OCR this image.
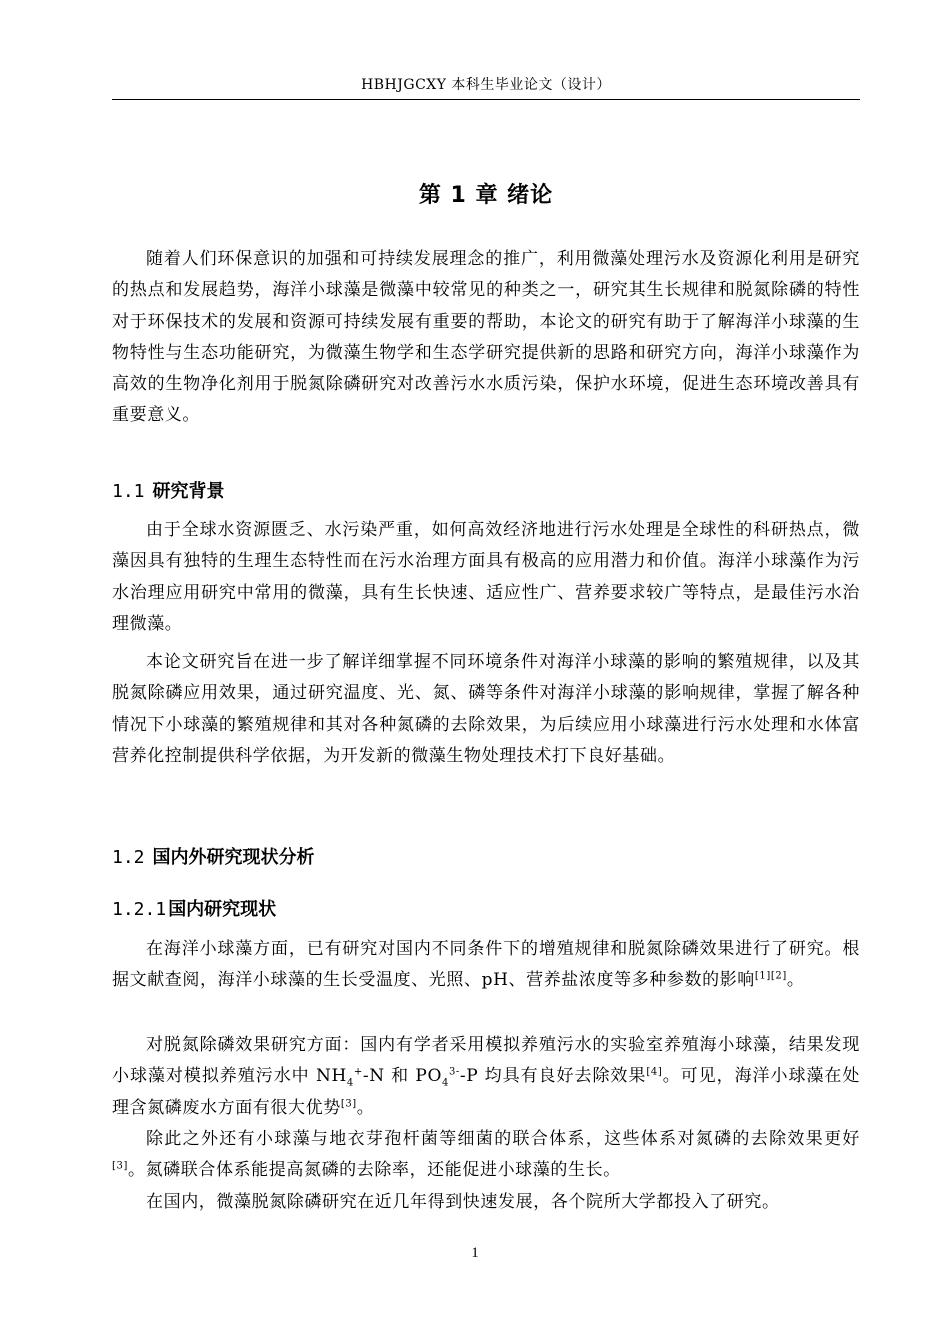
HBHJGCXY 本科生毕业论文（设计）
第 1 章 绪论

随着人们环保意识的加强和可持续发展理念的推广，利用微藻处理污水及资源化利用是研究的热点和发展趋势，海洋小球藻是微藻中较常见的种类之一，研究其生长规律和脱氮除磷的特性对于环保技术的发展和资源可持续发展有重要的帮助，本论文的研究有助于了解海洋小球藻的生物特性与生态功能研究，为微藻生物学和生态学研究提供新的思路和研究方向，海洋小球藻作为高效的生物净化剂用于脱氮除磷研究对改善污水水质污染，保护水环境，促进生态环境改善具有重要意义。

1.1 研究背景

由于全球水资源匮乏、水污染严重，如何高效经济地进行污水处理是全球性的科研热点，微藻因具有独特的生理生态特性而在污水治理方面具有极高的应用潜力和价值。海洋小球藻作为污水治理应用研究中常用的微藻，具有生长快速、适应性广、营养要求较广等特点，是最佳污水治理微藻。

本论文研究旨在进一步了解详细掌握不同环境条件对海洋小球藻的影响的繁殖规律，以及其脱氮除磷应用效果，通过研究温度、光、氮、磷等条件对海洋小球藻的影响规律，掌握了解各种情况下小球藻的繁殖规律和其对各种氮磷的去除效果，为后续应用小球藻进行污水处理和水体富营养化控制提供科学依据，为开发新的微藻生物处理技术打下良好基础。

1.2 国内外研究现状分析
1.2.1 国内研究现状

在海洋小球藻方面，已有研究对国内不同条件下的增殖规律和脱氮除磷效果进行了研究。根据文献查阅，海洋小球藻的生长受温度、光照、pH、营养盐浓度等多种参数的影响[1][2]。

对脱氮除磷效果研究方面：国内有学者采用模拟养殖污水的实验室养殖海小球藻，结果发现小球藻对模拟养殖污水中 $NH_4^+-N$ 和 $PO_4^{3-}-P$ 均具有良好去除效果[4]。可见，海洋小球藻在处理含氮磷废水方面有很大优势[3]。

除此之外还有小球藻与地衣芽孢杆菌等细菌的联合体系，这些体系对氮磷的去除效果更好[3]。氮磷联合体系能提高氮磷的去除率，还能促进小球藻的生长。

在国内，微藻脱氮除磷研究在近几年得到快速发展，各个院所大学都投入了研究。

1
